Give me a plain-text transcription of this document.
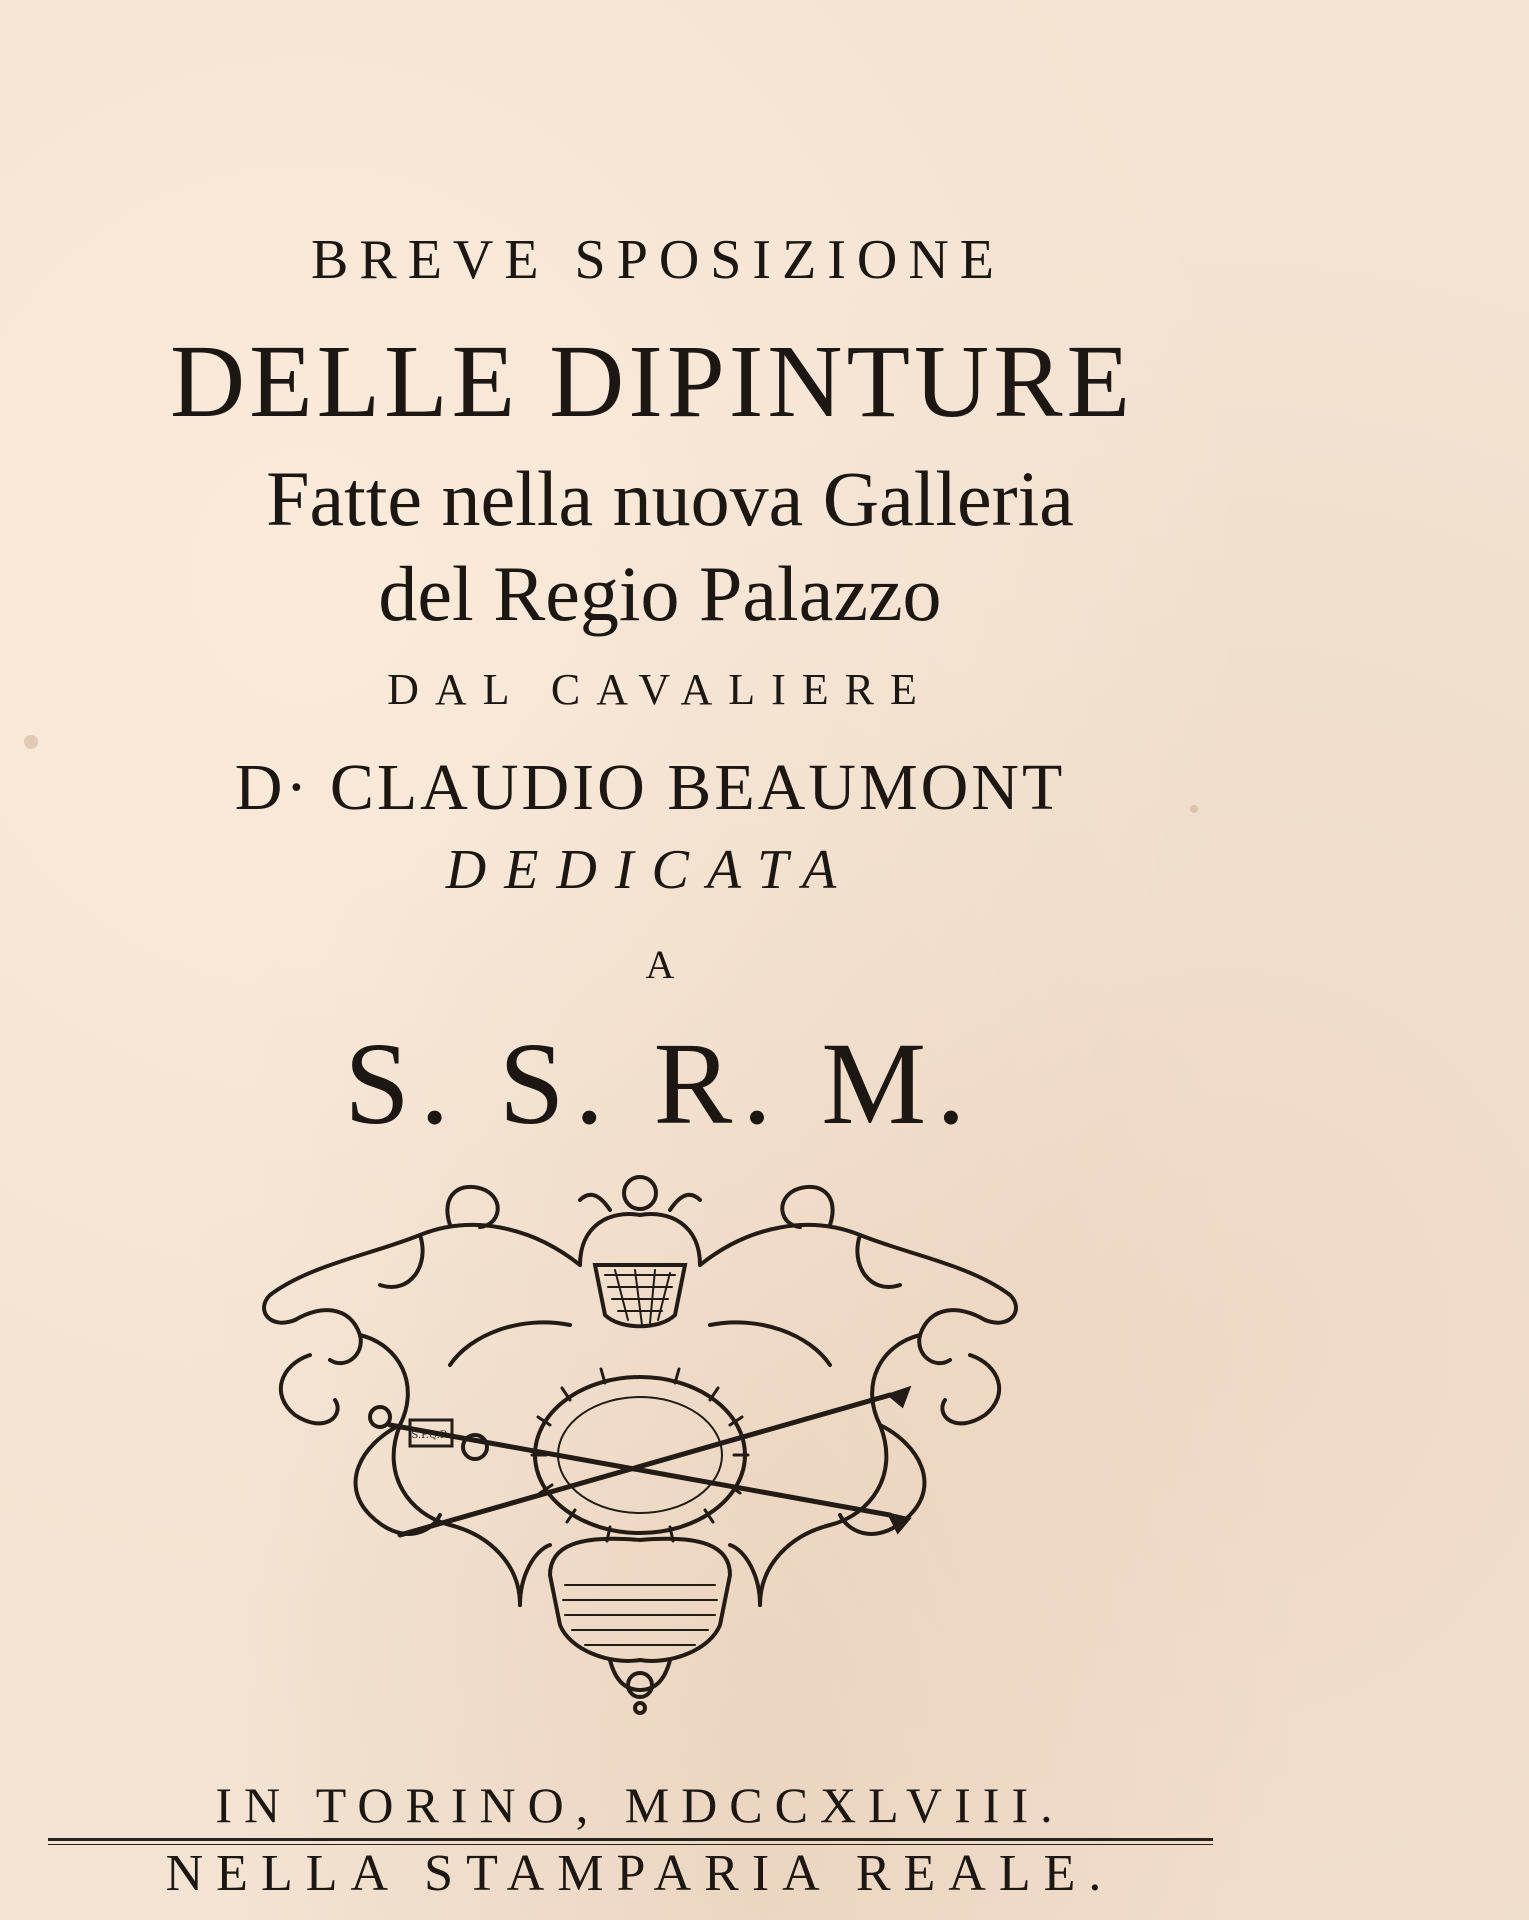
BREVE SPOSIZIONE
DELLE DIPINTURE
Fatte nella nuova Galleria
del Regio Palazzo
DAL CAVALIERE
D· CLAUDIO BEAUMONT
DEDICATA
A
S. S. R. M.
S.P.Q.R.
IN TORINO, MDCCXLVIII.
NELLA STAMPARIA REALE.
